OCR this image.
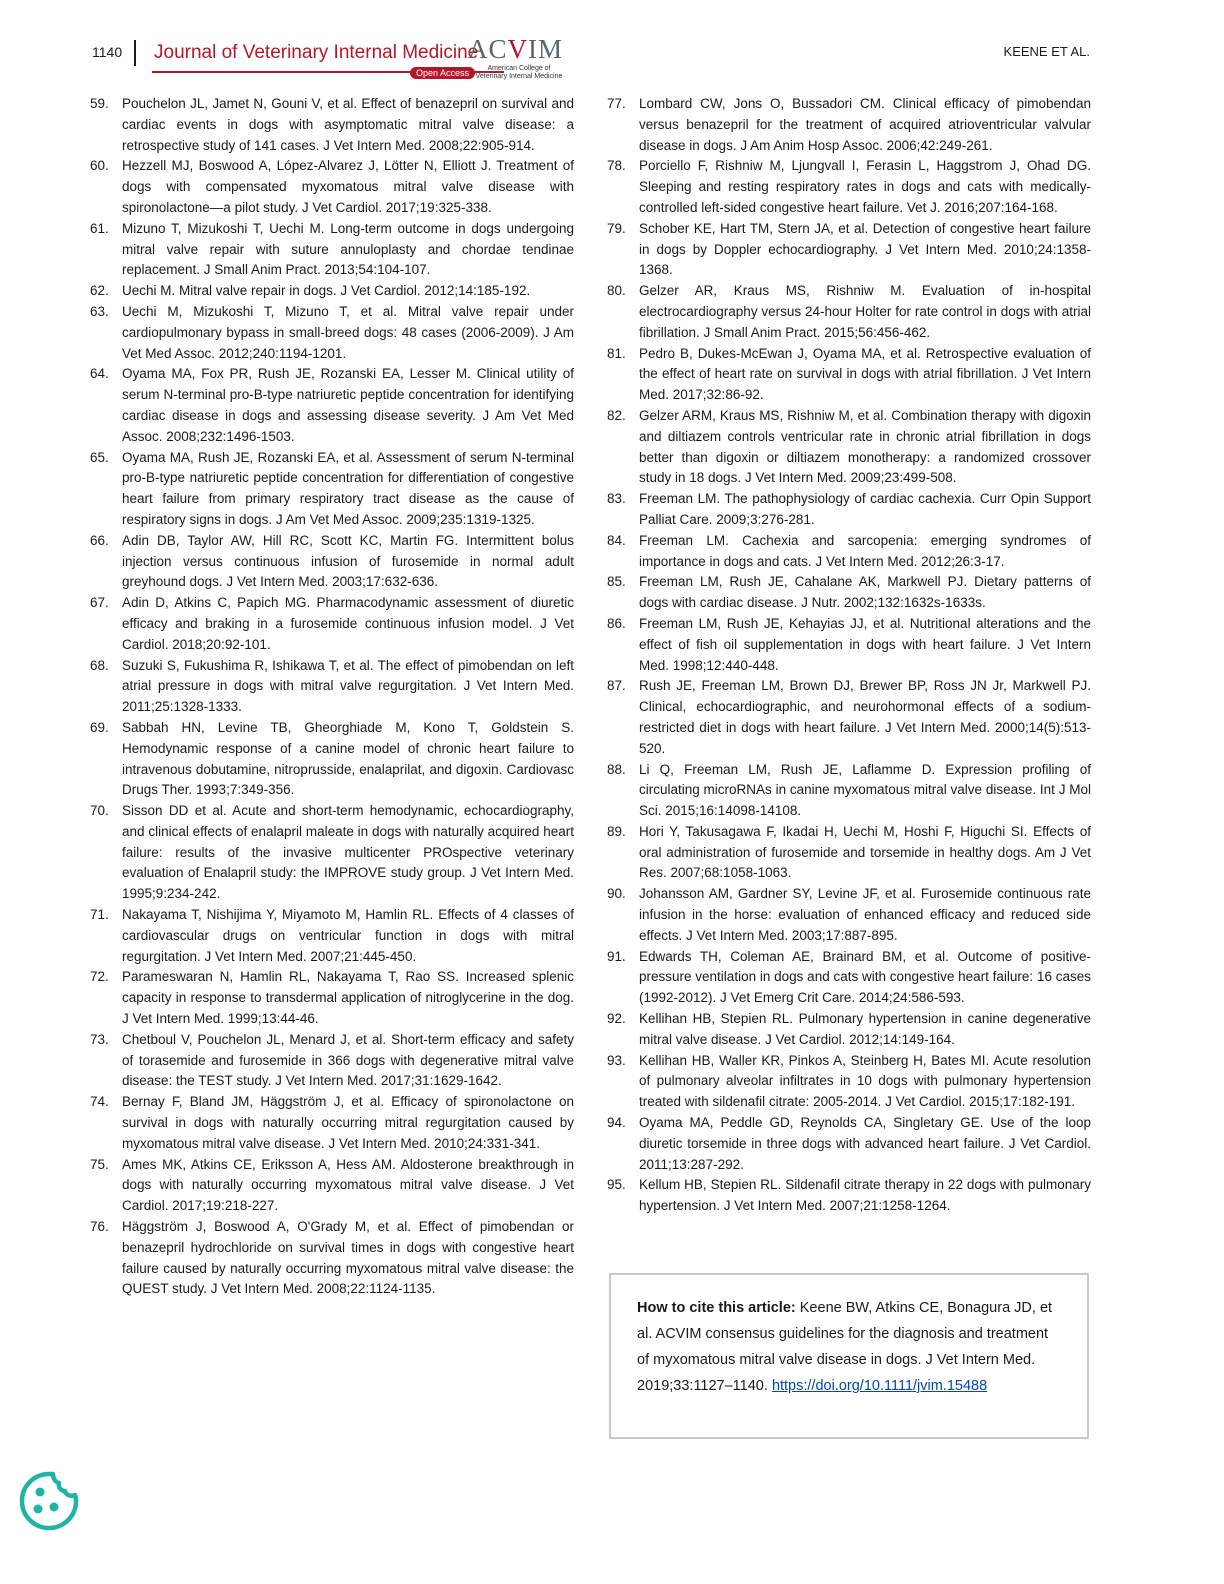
1140 Journal of Veterinary Internal Medicine
Open Access
ACVIM
American College of Veterinary Internal Medicine
KEENE ET AL.
59. Pouchelon JL, Jamet N, Gouni V, et al. Effect of benazepril on survival and cardiac events in dogs with asymptomatic mitral valve disease: a retrospective study of 141 cases. J Vet Intern Med. 2008;22:905-914.
60. Hezzell MJ, Boswood A, López-Alvarez J, Lötter N, Elliott J. Treatment of dogs with compensated myxomatous mitral valve disease with spironolactone—a pilot study. J Vet Cardiol. 2017;19:325-338.
61. Mizuno T, Mizukoshi T, Uechi M. Long-term outcome in dogs undergoing mitral valve repair with suture annuloplasty and chordae tendinae replacement. J Small Anim Pract. 2013;54:104-107.
62. Uechi M. Mitral valve repair in dogs. J Vet Cardiol. 2012;14:185-192.
63. Uechi M, Mizukoshi T, Mizuno T, et al. Mitral valve repair under cardiopulmonary bypass in small-breed dogs: 48 cases (2006-2009). J Am Vet Med Assoc. 2012;240:1194-1201.
64. Oyama MA, Fox PR, Rush JE, Rozanski EA, Lesser M. Clinical utility of serum N-terminal pro-B-type natriuretic peptide concentration for identifying cardiac disease in dogs and assessing disease severity. J Am Vet Med Assoc. 2008;232:1496-1503.
65. Oyama MA, Rush JE, Rozanski EA, et al. Assessment of serum N-terminal pro-B-type natriuretic peptide concentration for differentiation of congestive heart failure from primary respiratory tract disease as the cause of respiratory signs in dogs. J Am Vet Med Assoc. 2009;235:1319-1325.
66. Adin DB, Taylor AW, Hill RC, Scott KC, Martin FG. Intermittent bolus injection versus continuous infusion of furosemide in normal adult greyhound dogs. J Vet Intern Med. 2003;17:632-636.
67. Adin D, Atkins C, Papich MG. Pharmacodynamic assessment of diuretic efficacy and braking in a furosemide continuous infusion model. J Vet Cardiol. 2018;20:92-101.
68. Suzuki S, Fukushima R, Ishikawa T, et al. The effect of pimobendan on left atrial pressure in dogs with mitral valve regurgitation. J Vet Intern Med. 2011;25:1328-1333.
69. Sabbah HN, Levine TB, Gheorghiade M, Kono T, Goldstein S. Hemodynamic response of a canine model of chronic heart failure to intravenous dobutamine, nitroprusside, enalaprilat, and digoxin. Cardiovasc Drugs Ther. 1993;7:349-356.
70. Sisson DD et al. Acute and short-term hemodynamic, echocardiography, and clinical effects of enalapril maleate in dogs with naturally acquired heart failure: results of the invasive multicenter PROspective veterinary evaluation of Enalapril study: the IMPROVE study group. J Vet Intern Med. 1995;9:234-242.
71. Nakayama T, Nishijima Y, Miyamoto M, Hamlin RL. Effects of 4 classes of cardiovascular drugs on ventricular function in dogs with mitral regurgitation. J Vet Intern Med. 2007;21:445-450.
72. Parameswaran N, Hamlin RL, Nakayama T, Rao SS. Increased splenic capacity in response to transdermal application of nitroglycerine in the dog. J Vet Intern Med. 1999;13:44-46.
73. Chetboul V, Pouchelon JL, Menard J, et al. Short-term efficacy and safety of torasemide and furosemide in 366 dogs with degenerative mitral valve disease: the TEST study. J Vet Intern Med. 2017;31:1629-1642.
74. Bernay F, Bland JM, Häggström J, et al. Efficacy of spironolactone on survival in dogs with naturally occurring mitral regurgitation caused by myxomatous mitral valve disease. J Vet Intern Med. 2010;24:331-341.
75. Ames MK, Atkins CE, Eriksson A, Hess AM. Aldosterone breakthrough in dogs with naturally occurring myxomatous mitral valve disease. J Vet Cardiol. 2017;19:218-227.
76. Häggström J, Boswood A, O'Grady M, et al. Effect of pimobendan or benazepril hydrochloride on survival times in dogs with congestive heart failure caused by naturally occurring myxomatous mitral valve disease: the QUEST study. J Vet Intern Med. 2008;22:1124-1135.
77. Lombard CW, Jons O, Bussadori CM. Clinical efficacy of pimobendan versus benazepril for the treatment of acquired atrioventricular valvular disease in dogs. J Am Anim Hosp Assoc. 2006;42:249-261.
78. Porciello F, Rishniw M, Ljungvall I, Ferasin L, Haggstrom J, Ohad DG. Sleeping and resting respiratory rates in dogs and cats with medically-controlled left-sided congestive heart failure. Vet J. 2016;207:164-168.
79. Schober KE, Hart TM, Stern JA, et al. Detection of congestive heart failure in dogs by Doppler echocardiography. J Vet Intern Med. 2010;24:1358-1368.
80. Gelzer AR, Kraus MS, Rishniw M. Evaluation of in-hospital electrocardiography versus 24-hour Holter for rate control in dogs with atrial fibrillation. J Small Anim Pract. 2015;56:456-462.
81. Pedro B, Dukes-McEwan J, Oyama MA, et al. Retrospective evaluation of the effect of heart rate on survival in dogs with atrial fibrillation. J Vet Intern Med. 2017;32:86-92.
82. Gelzer ARM, Kraus MS, Rishniw M, et al. Combination therapy with digoxin and diltiazem controls ventricular rate in chronic atrial fibrillation in dogs better than digoxin or diltiazem monotherapy: a randomized crossover study in 18 dogs. J Vet Intern Med. 2009;23:499-508.
83. Freeman LM. The pathophysiology of cardiac cachexia. Curr Opin Support Palliat Care. 2009;3:276-281.
84. Freeman LM. Cachexia and sarcopenia: emerging syndromes of importance in dogs and cats. J Vet Intern Med. 2012;26:3-17.
85. Freeman LM, Rush JE, Cahalane AK, Markwell PJ. Dietary patterns of dogs with cardiac disease. J Nutr. 2002;132:1632s-1633s.
86. Freeman LM, Rush JE, Kehayias JJ, et al. Nutritional alterations and the effect of fish oil supplementation in dogs with heart failure. J Vet Intern Med. 1998;12:440-448.
87. Rush JE, Freeman LM, Brown DJ, Brewer BP, Ross JN Jr, Markwell PJ. Clinical, echocardiographic, and neurohormonal effects of a sodium-restricted diet in dogs with heart failure. J Vet Intern Med. 2000;14(5):513-520.
88. Li Q, Freeman LM, Rush JE, Laflamme D. Expression profiling of circulating microRNAs in canine myxomatous mitral valve disease. Int J Mol Sci. 2015;16:14098-14108.
89. Hori Y, Takusagawa F, Ikadai H, Uechi M, Hoshi F, Higuchi SI. Effects of oral administration of furosemide and torsemide in healthy dogs. Am J Vet Res. 2007;68:1058-1063.
90. Johansson AM, Gardner SY, Levine JF, et al. Furosemide continuous rate infusion in the horse: evaluation of enhanced efficacy and reduced side effects. J Vet Intern Med. 2003;17:887-895.
91. Edwards TH, Coleman AE, Brainard BM, et al. Outcome of positive-pressure ventilation in dogs and cats with congestive heart failure: 16 cases (1992-2012). J Vet Emerg Crit Care. 2014;24:586-593.
92. Kellihan HB, Stepien RL. Pulmonary hypertension in canine degenerative mitral valve disease. J Vet Cardiol. 2012;14:149-164.
93. Kellihan HB, Waller KR, Pinkos A, Steinberg H, Bates MI. Acute resolution of pulmonary alveolar infiltrates in 10 dogs with pulmonary hypertension treated with sildenafil citrate: 2005-2014. J Vet Cardiol. 2015;17:182-191.
94. Oyama MA, Peddle GD, Reynolds CA, Singletary GE. Use of the loop diuretic torsemide in three dogs with advanced heart failure. J Vet Cardiol. 2011;13:287-292.
95. Kellum HB, Stepien RL. Sildenafil citrate therapy in 22 dogs with pulmonary hypertension. J Vet Intern Med. 2007;21:1258-1264.
How to cite this article: Keene BW, Atkins CE, Bonagura JD, et al. ACVIM consensus guidelines for the diagnosis and treatment of myxomatous mitral valve disease in dogs. J Vet Intern Med. 2019;33:1127–1140. https://doi.org/10.1111/jvim.15488
